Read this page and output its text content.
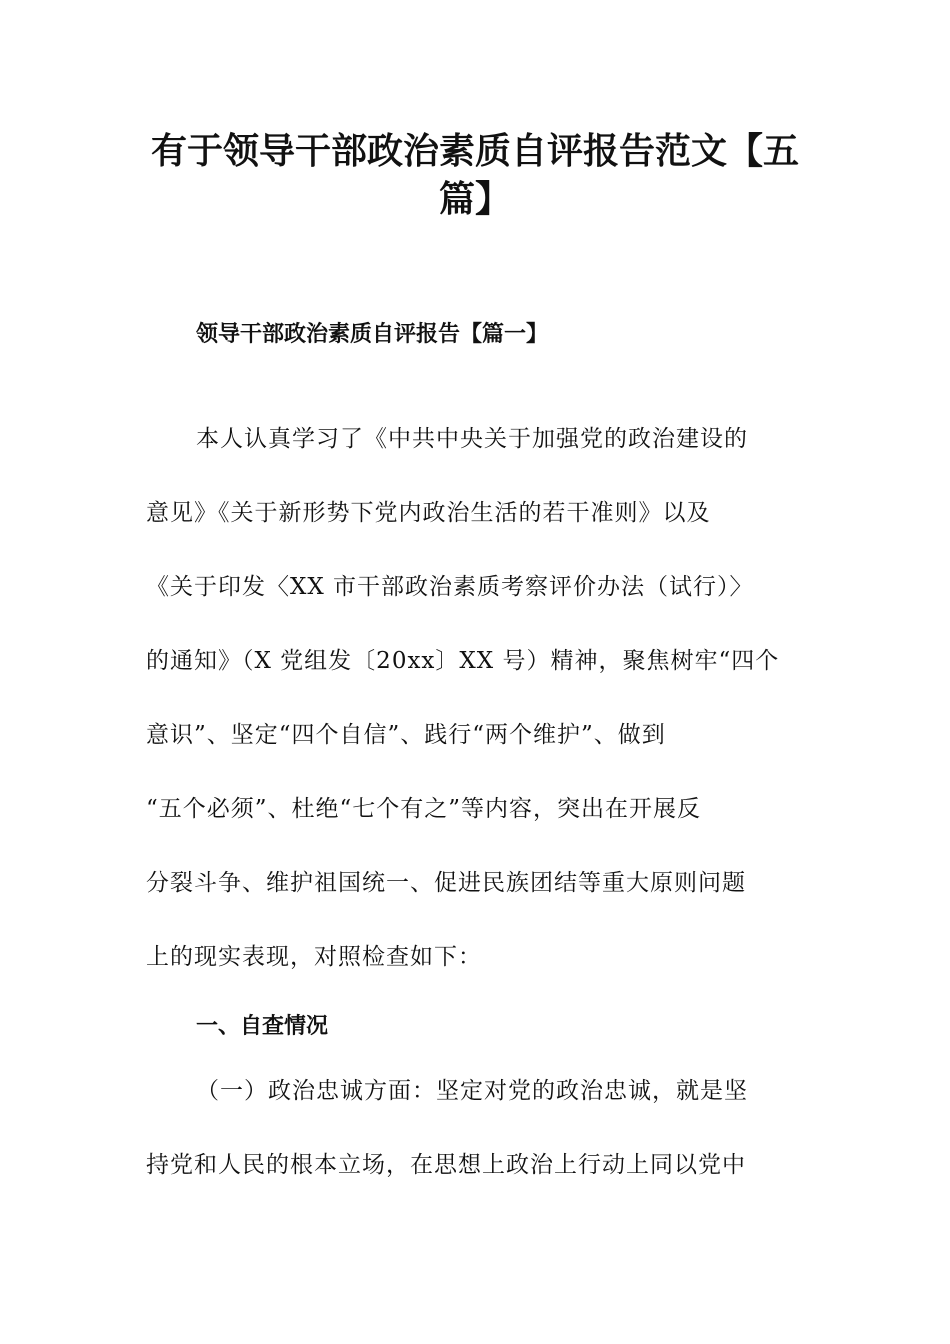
有于领导干部政治素质自评报告范文【五
篇】
领导干部政治素质自评报告【篇一】
本人认真学习了《中共中央关于加强党的政治建设的
意见》《关于新形势下党内政治生活的若干准则》以及
《关于印发〈XX 市干部政治素质考察评价办法（试行）〉
的通知》（X 党组发〔20xx〕XX 号）精神，聚焦树牢“四个
意识”、坚定“四个自信”、践行“两个维护”、做到
“五个必须”、杜绝“七个有之”等内容，突出在开展反
分裂斗争、维护祖国统一、促进民族团结等重大原则问题
上的现实表现，对照检查如下：
一、自查情况
（一）政治忠诚方面：坚定对党的政治忠诚，就是坚
持党和人民的根本立场，在思想上政治上行动上同以党中
